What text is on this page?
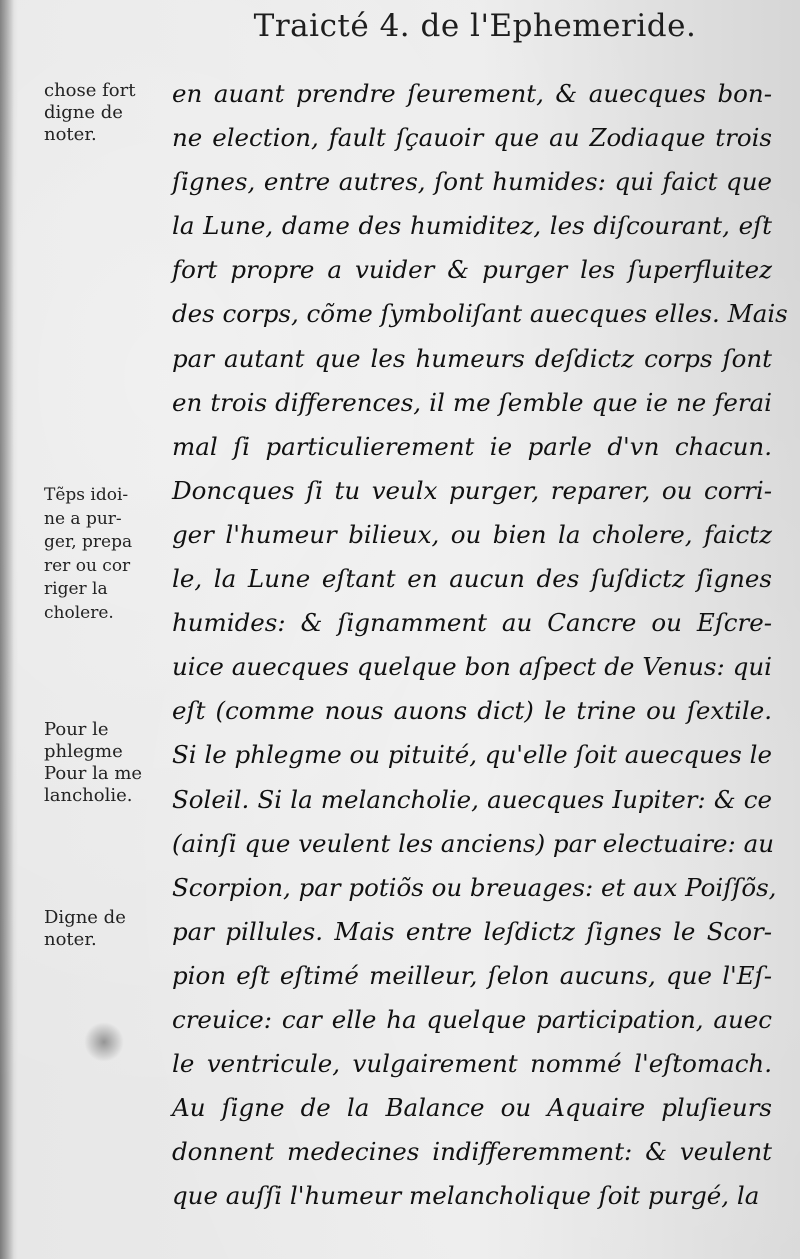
Traicté 4. de l'Ephemeride.
chose fort
digne de
noter.
Tẽps idoi-
ne a pur-
ger, prepa
rer ou cor
riger la
cholere.
Pour le
phlegme
Pour la me
lancholie.
Digne de
noter.
en auant prendre ſeurement, & auecques bon-
ne election, fault ſçauoir que au Zodiaque trois
ſignes, entre autres, ſont humides: qui faict que
la Lune, dame des humiditez, les diſcourant, eſt
fort propre a vuider & purger les ſuperfluitez
des corps, cõme ſymboliſant auecques elles. Mais
par autant que les humeurs deſdictz corps ſont
en trois differences, il me ſemble que ie ne ferai
mal ſi particulierement ie parle d'vn chacun.
Doncques ſi tu veulx purger, reparer, ou corri-
ger l'humeur bilieux, ou bien la cholere, faictz
le, la Lune eſtant en aucun des ſuſdictz ſignes
humides: & ſignamment au Cancre ou Eſcre-
uice auecques quelque bon aſpect de Venus: qui
eſt (comme nous auons dict) le trine ou ſextile.
Si le phlegme ou pituité, qu'elle ſoit auecques le
Soleil. Si la melancholie, auecques Iupiter: & ce
(ainſi que veulent les anciens) par electuaire: au
Scorpion, par potiõs ou breuages: et aux Poiſſõs,
par pillules. Mais entre leſdictz ſignes le Scor-
pion eſt eſtimé meilleur, ſelon aucuns, que l'Eſ-
creuice: car elle ha quelque participation, auec
le ventricule, vulgairement nommé l'eſtomach.
Au ſigne de la Balance ou Aquaire pluſieurs
donnent medecines indifferemment: & veulent
que auſſi l'humeur melancholique ſoit purgé, la
